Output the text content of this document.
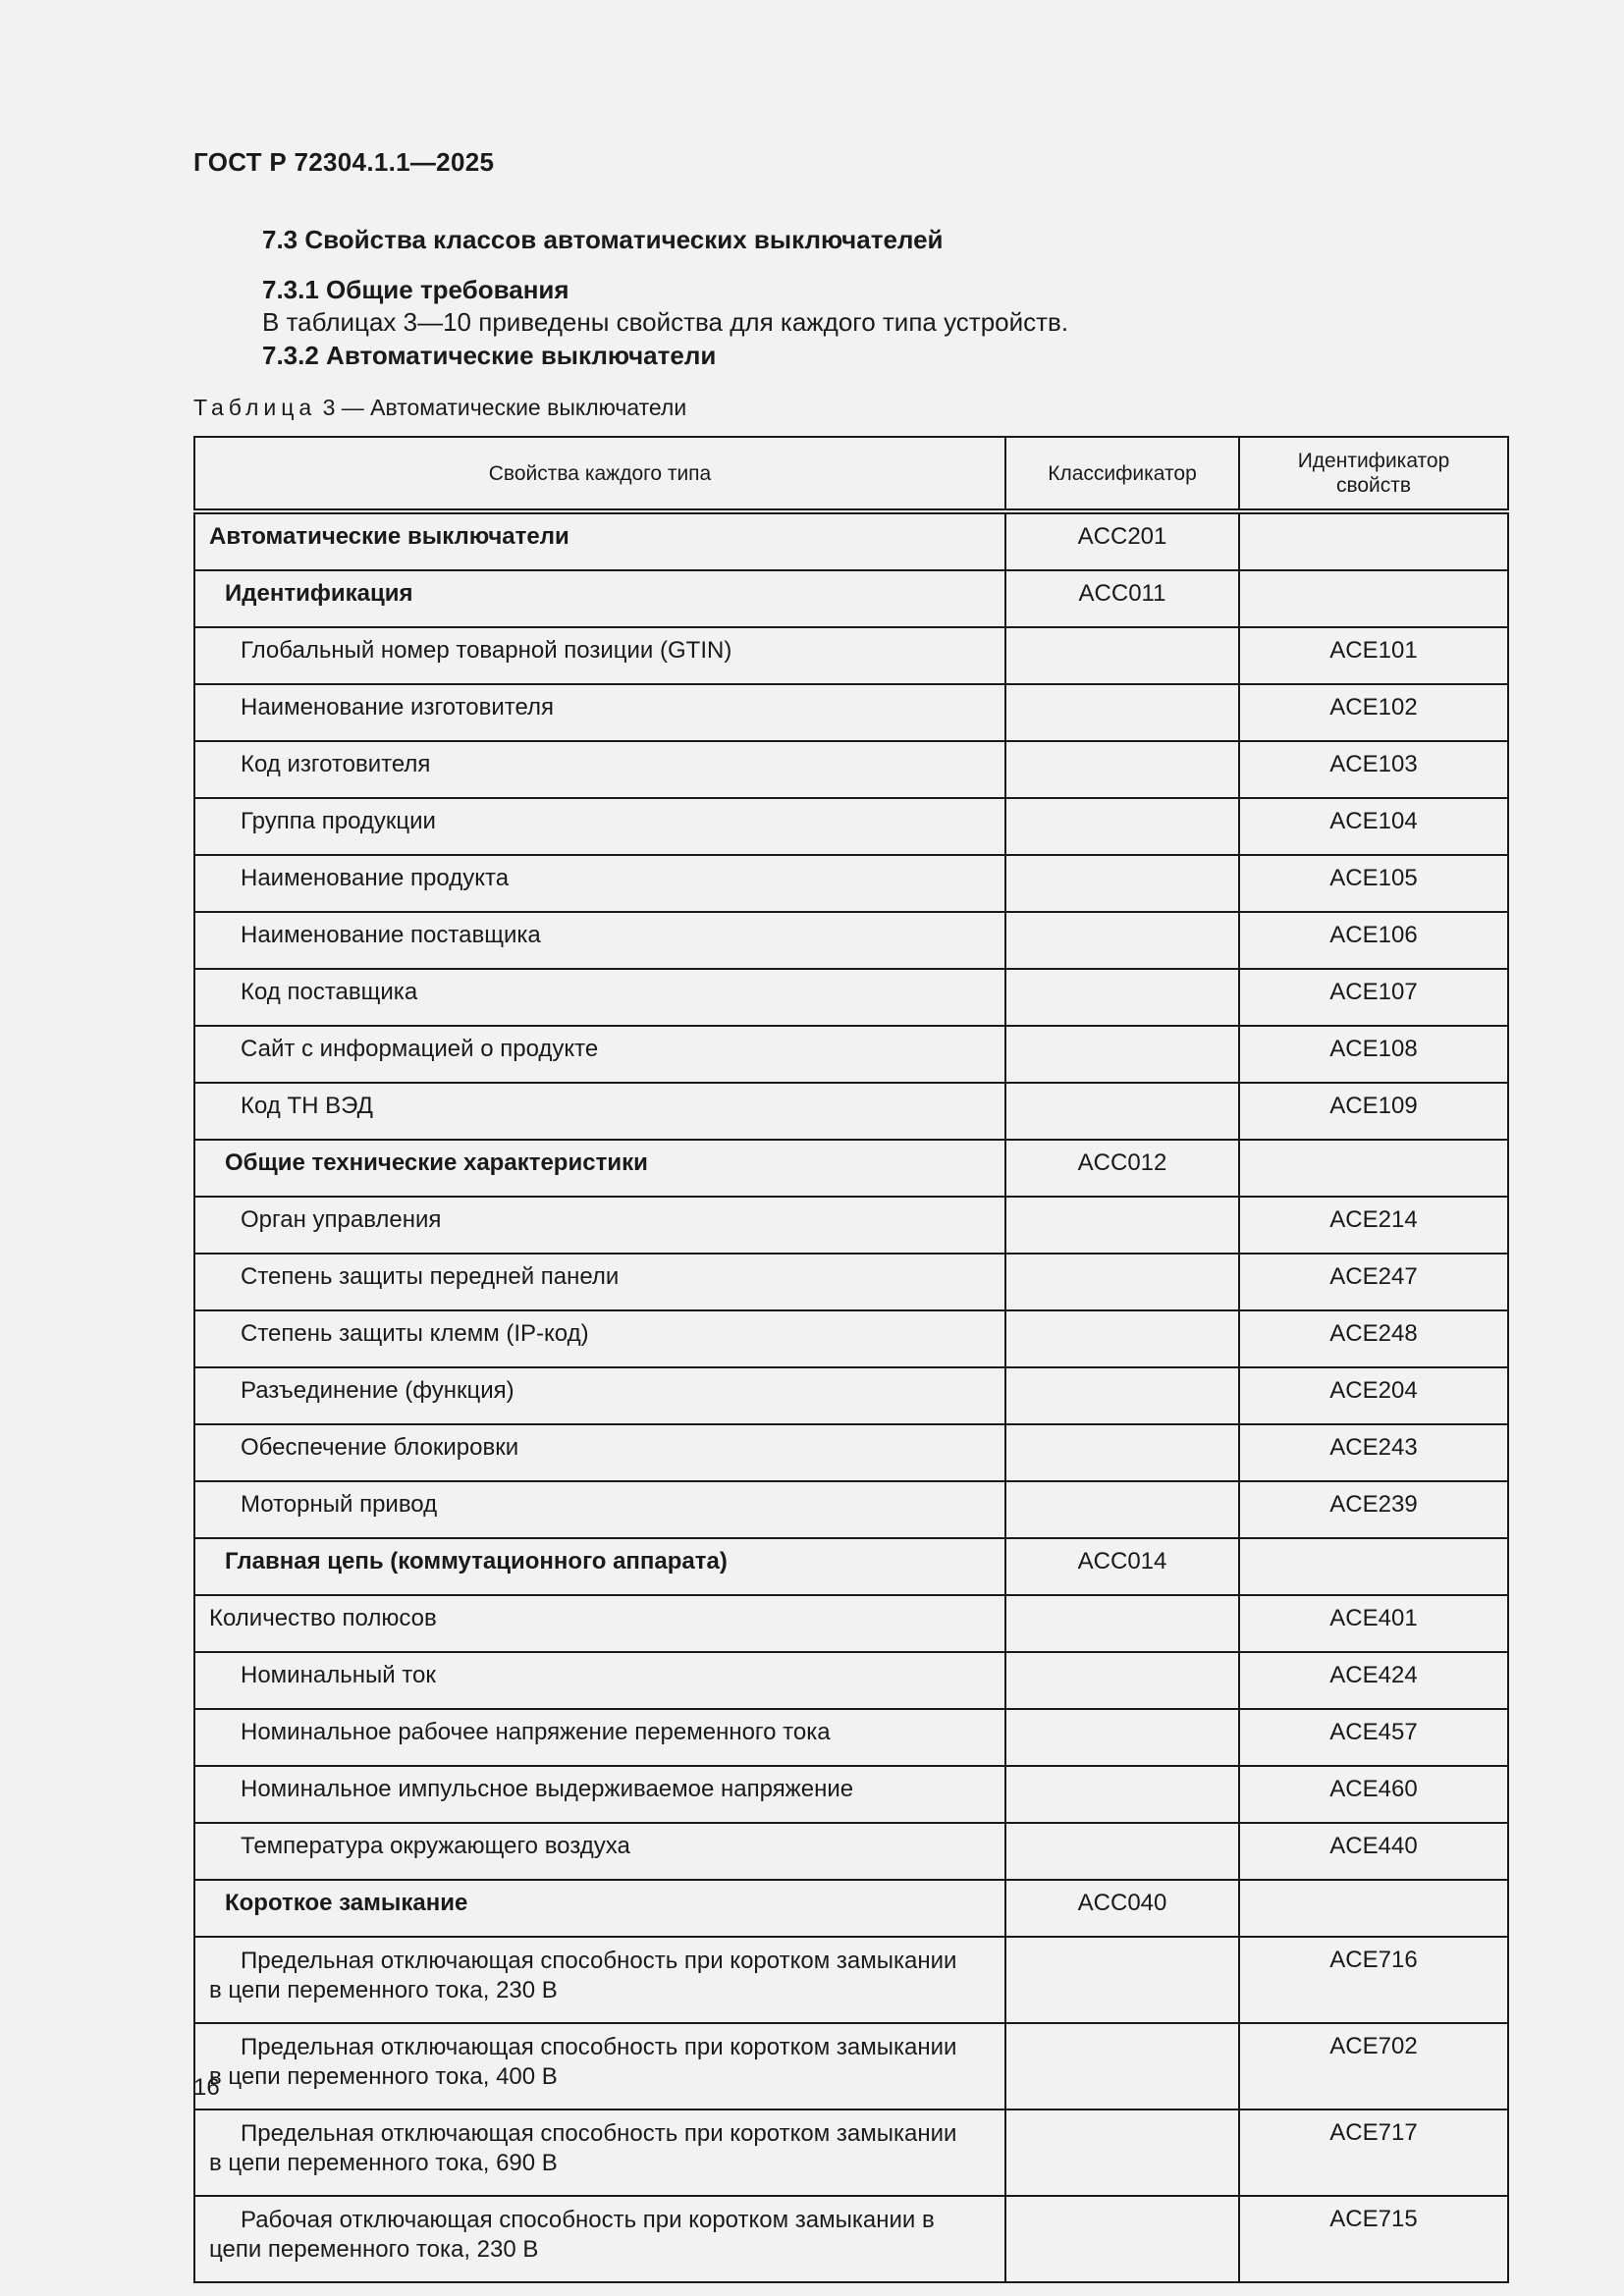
ГОСТ Р 72304.1.1—2025
7.3 Свойства классов автоматических выключателей
7.3.1 Общие требования
В таблицах 3—10 приведены свойства для каждого типа устройств.
7.3.2 Автоматические выключатели
Таблица 3 — Автоматические выключатели
Свойства каждого типа	Классификатор	Идентификатор свойств
Автоматические выключатели	ACC201	
Идентификация	ACC011	
Глобальный номер товарной позиции (GTIN)		ACE101
Наименование изготовителя		ACE102
Код изготовителя		ACE103
Группа продукции		ACE104
Наименование продукта		ACE105
Наименование поставщика		ACE106
Код поставщика		ACE107
Сайт с информацией о продукте		ACE108
Код ТН ВЭД		ACE109
Общие технические характеристики	ACC012	
Орган управления		ACE214
Степень защиты передней панели		ACE247
Степень защиты клемм (IP-код)		ACE248
Разъединение (функция)		ACE204
Обеспечение блокировки		ACE243
Моторный привод		ACE239
Главная цепь (коммутационного аппарата)	ACC014	
Количество полюсов		ACE401
Номинальный ток		ACE424
Номинальное рабочее напряжение переменного тока		ACE457
Номинальное импульсное выдерживаемое напряжение		ACE460
Температура окружающего воздуха		ACE440
Короткое замыкание	ACC040	
Предельная отключающая способность при коротком замыкании
в цепи переменного тока, 230 В		ACE716
Предельная отключающая способность при коротком замыкании
в цепи переменного тока, 400 В		ACE702
Предельная отключающая способность при коротком замыкании
в цепи переменного тока, 690 В		ACE717
Рабочая отключающая способность при коротком замыкании в
цепи переменного тока, 230 В		ACE715
16
